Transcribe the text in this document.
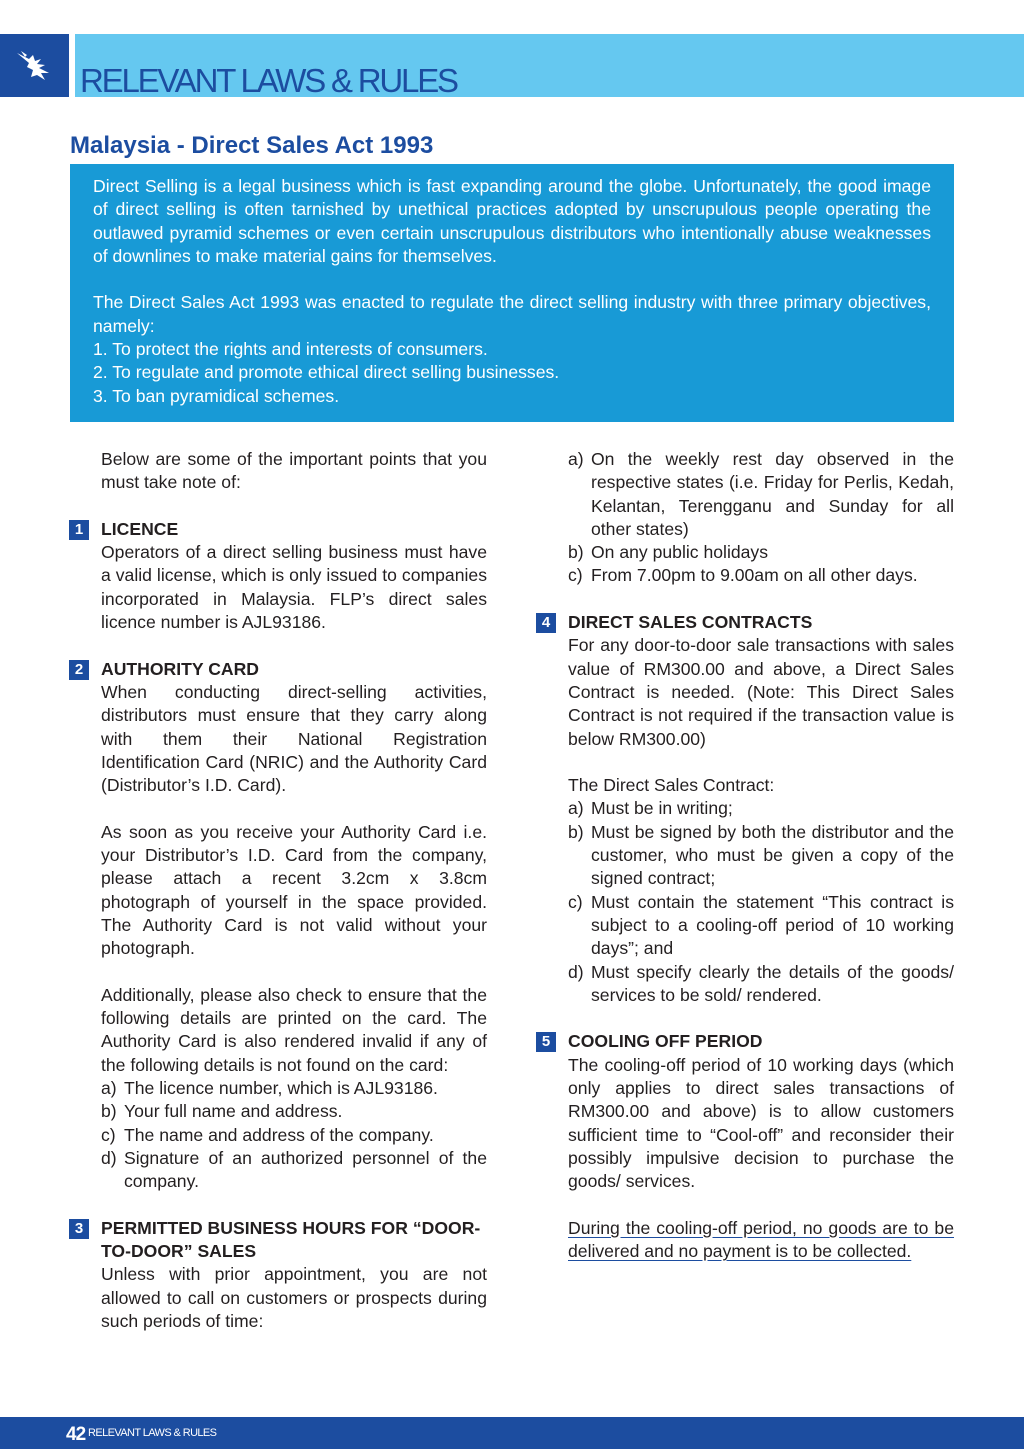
RELEVANT LAWS & RULES
Malaysia - Direct Sales Act 1993

Direct Selling is a legal business which is fast expanding around the globe. Unfortunately, the good image of direct selling is often tarnished by unethical practices adopted by unscrupulous people operating the outlawed pyramid schemes or even certain unscrupulous distributors who intentionally abuse weaknesses of downlines to make material gains for themselves.

The Direct Sales Act 1993 was enacted to regulate the direct selling industry with three primary objectives, namely:

1. To protect the rights and interests of consumers.

2. To regulate and promote ethical direct selling businesses.

3. To ban pyramidical schemes.

Below are some of the important points that you must take note of:

1	LICENCE

Operators of a direct selling business must have a valid license, which is only issued to companies incorporated in Malaysia. FLP’s direct sales licence number is AJL93186.

2	AUTHORITY CARD

When conducting direct-selling activities, distributors must ensure that they carry along with them their National Registration Identification Card (NRIC) and the Authority Card (Distributor’s I.D. Card).

As soon as you receive your Authority Card i.e. your Distributor’s I.D. Card from the company, please attach a recent 3.2cm x 3.8cm photograph of yourself in the space provided. The Authority Card is not valid without your photograph.

Additionally, please also check to ensure that the following details are printed on the card. The Authority Card is also rendered invalid if any of the following details is not found on the card:

a) The licence number, which is AJL93186.
b) Your full name and address.
c) The name and address of the company.
d) Signature of an authorized personnel of the company.
3	PERMITTED BUSINESS HOURS FOR “DOOR-TO-DOOR” SALES

Unless with prior appointment, you are not allowed to call on customers or prospects during such periods of time:

a) On the weekly rest day observed in the respective states (i.e. Friday for Perlis, Kedah, Kelantan, Terengganu and Sunday for all other states)
b) On any public holidays
c) From 7.00pm to 9.00am on all other days.
4	DIRECT SALES CONTRACTS

For any door-to-door sale transactions with sales value of RM300.00 and above, a Direct Sales Contract is needed. (Note: This Direct Sales Contract is not required if the transaction value is below RM300.00)

The Direct Sales Contract:

a) Must be in writing;
b) Must be signed by both the distributor and the customer, who must be given a copy of the signed contract;
c) Must contain the statement “This contract is subject to a cooling-off period of 10 working days”; and
d) Must specify clearly the details of the goods/ services to be sold/ rendered.
5	COOLING OFF PERIOD

The cooling-off period of 10 working days (which only applies to direct sales transactions of RM300.00 and above) is to allow customers sufficient time to “Cool-off” and reconsider their possibly impulsive decision to purchase the goods/ services.

During the cooling-off period, no goods are to be delivered and no payment is to be collected.

42 RELEVANT LAWS & RULES
